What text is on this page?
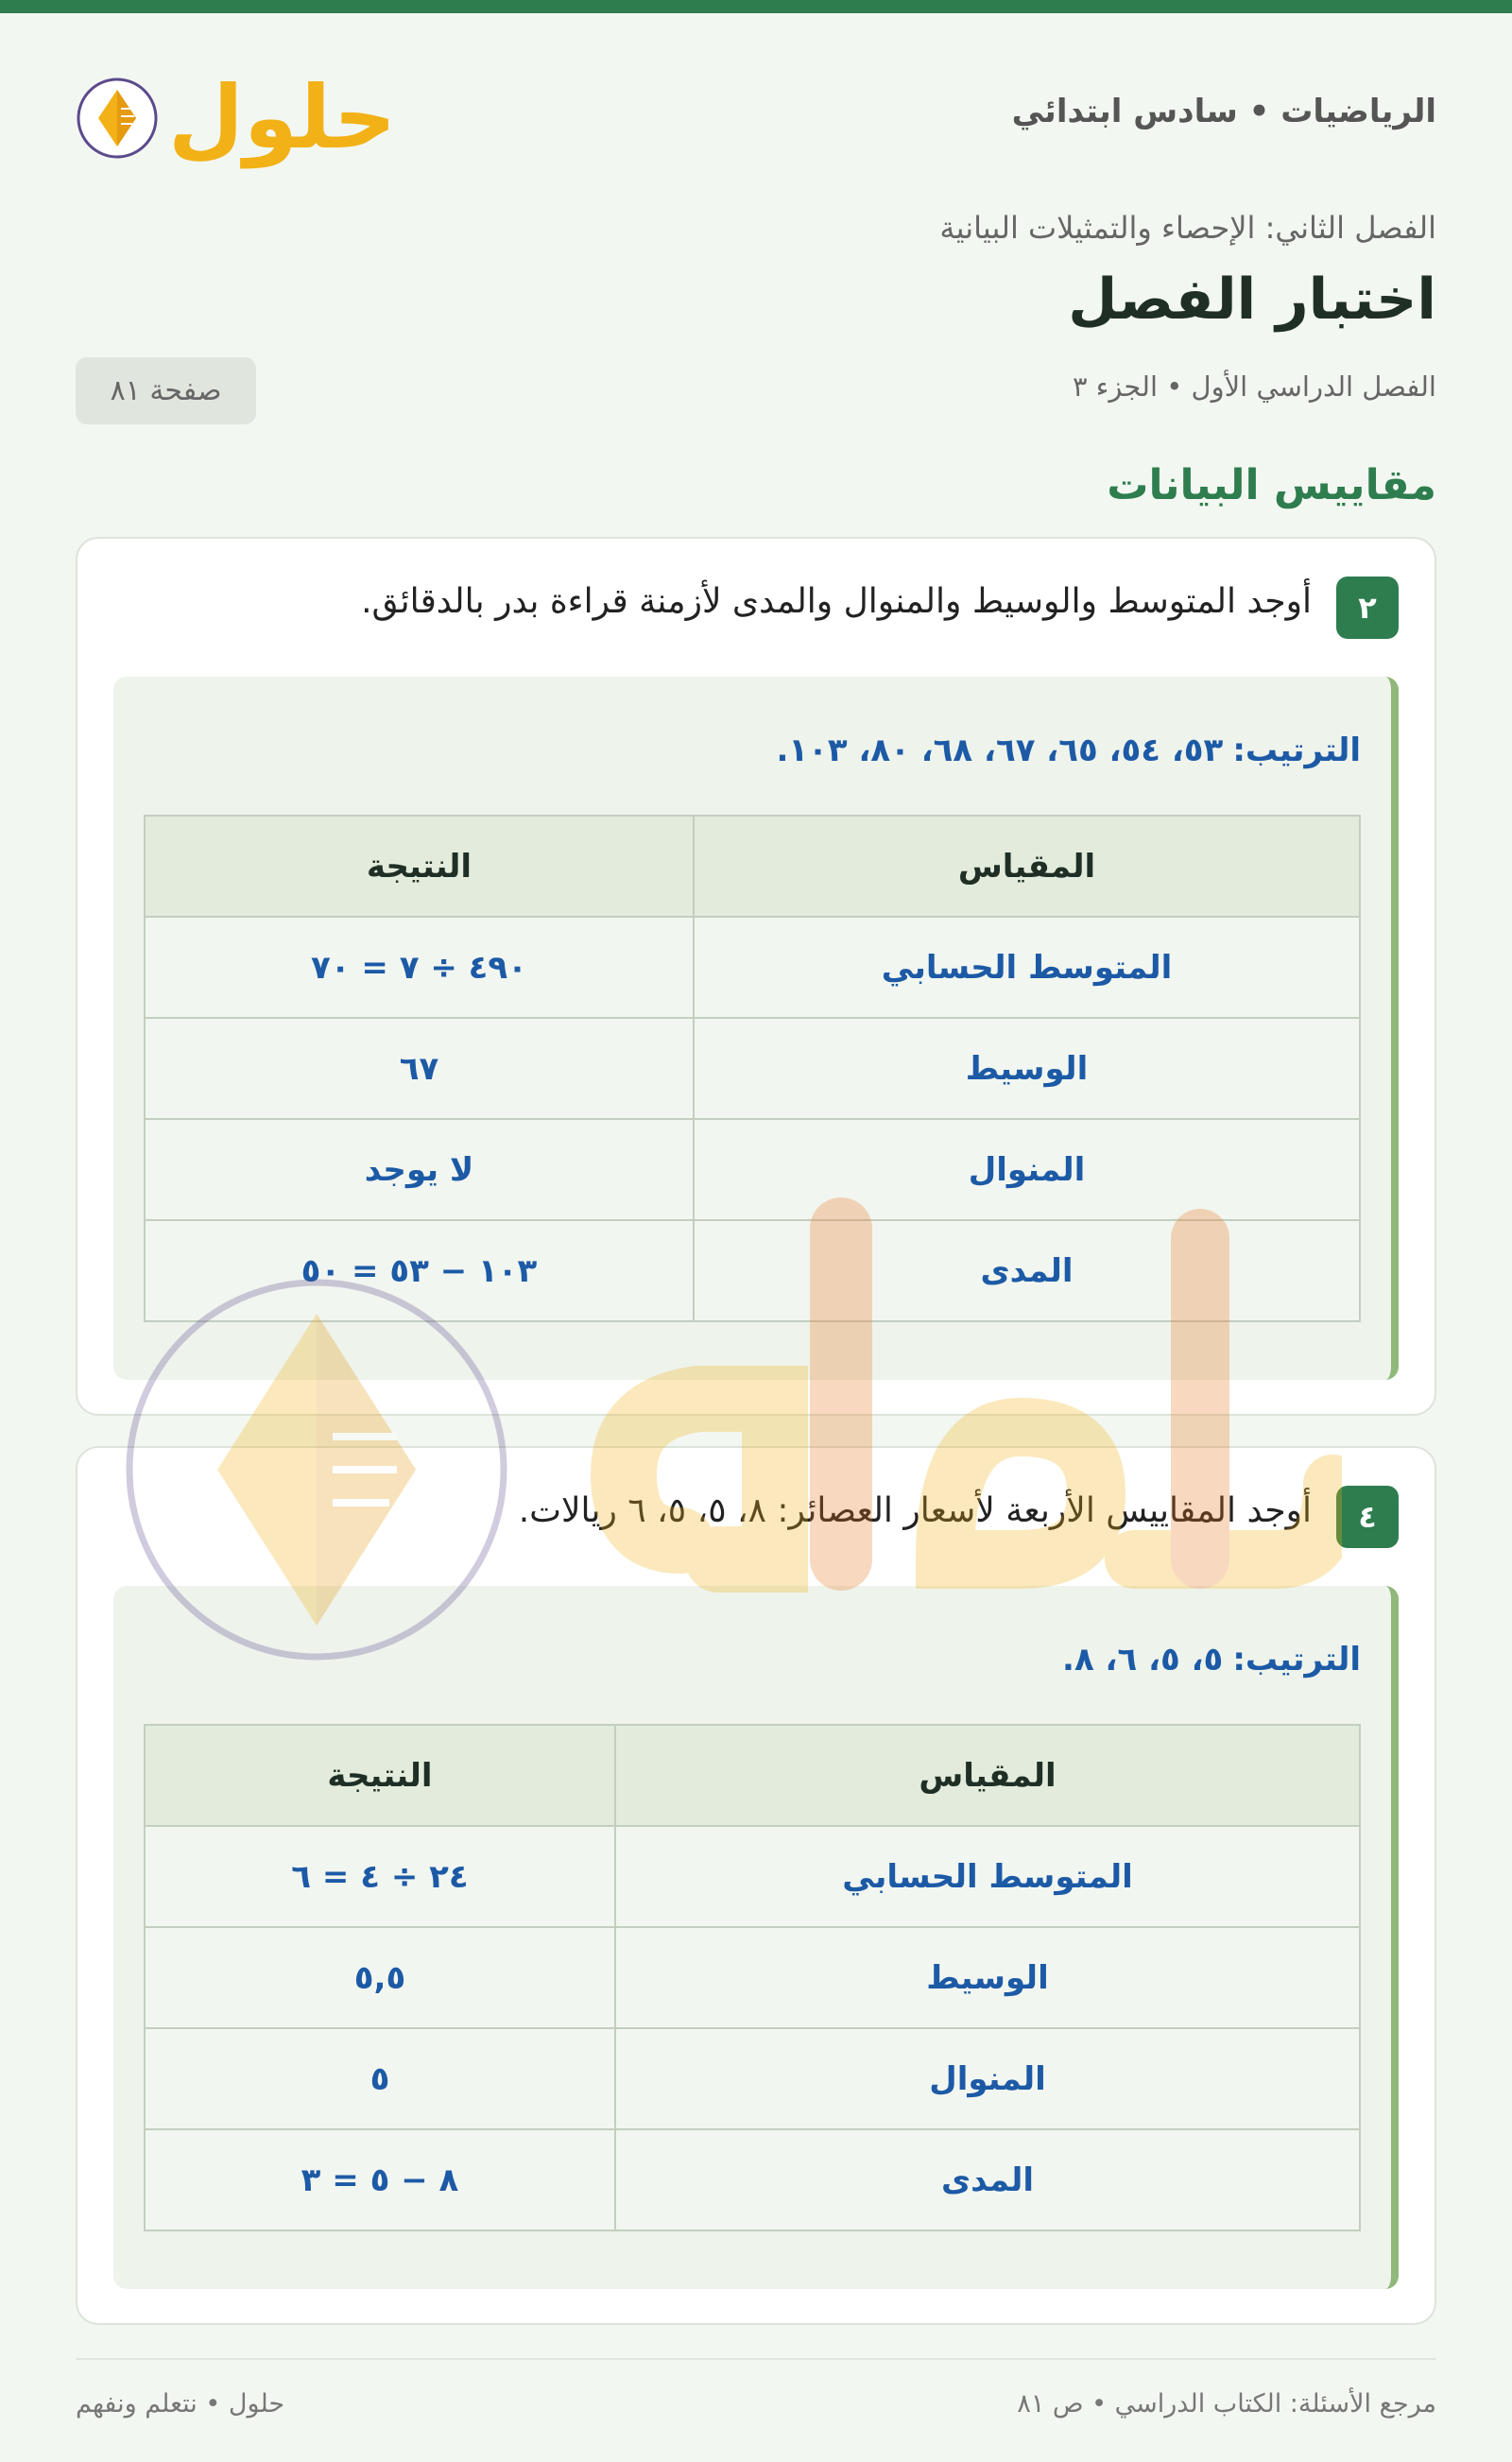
الرياضيات • سادس ابتدائي
حلول
الفصل الثاني: الإحصاء والتمثيلات البيانية
اختبار الفصل
الفصل الدراسي الأول • الجزء ٣
صفحة ٨١
مقاييس البيانات
٢
أوجد المتوسط والوسيط والمنوال والمدى لأزمنة قراءة بدر بالدقائق.
الترتيب:٥٣، ٥٤، ٦٥، ٦٧، ٦٨، ٨٠، ١٠٣.
المقياس	النتيجة
المتوسط الحسابي	٤٩٠ ÷ ٧ = ٧٠
الوسيط	٦٧
المنوال	لا يوجد
المدى	١٠٣ − ٥٣ = ٥٠
٤
أوجد المقاييس الأربعة لأسعار العصائر: ٨، ٥، ٥، ٦ ريالات.
الترتيب:٥، ٥، ٦، ٨.
المقياس	النتيجة
المتوسط الحسابي	٢٤ ÷ ٤ = ٦
الوسيط	٥,٥
المنوال	٥
المدى	٨ − ٥ = ٣
مرجع الأسئلة: الكتاب الدراسي • ص ٨١
حلول • نتعلم ونفهم
